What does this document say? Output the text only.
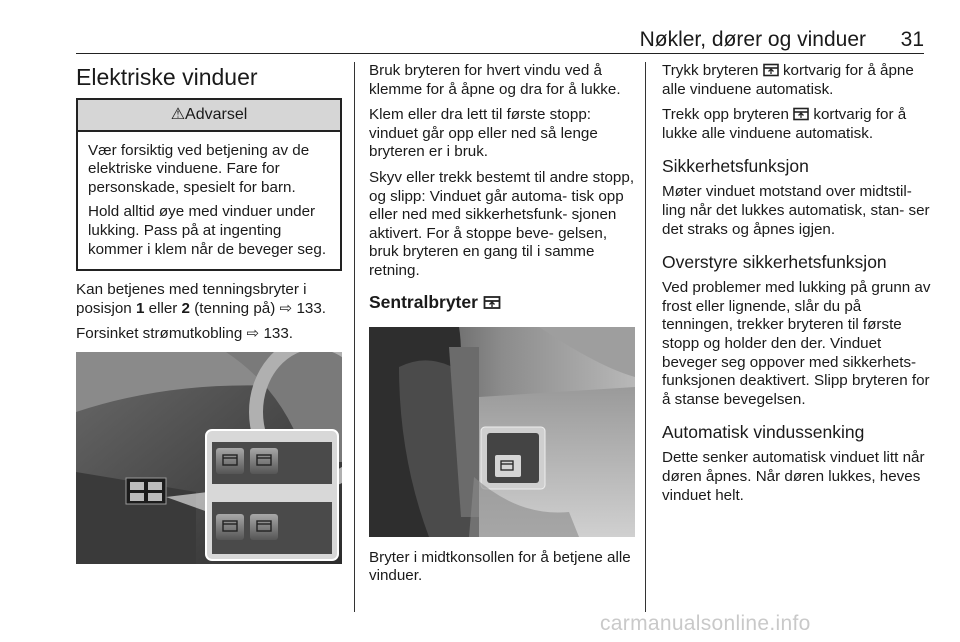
Nøkler, dører og vinduer 31
Elektriske vinduer
⚠Advarsel

Vær forsiktig ved betjening av de elektriske vinduene. Fare for personskade, spesielt for barn.

Hold alltid øye med vinduer under lukking. Pass på at ingenting kommer i klem når de beveger seg.

Kan betjenes med tenningsbryter i posisjon 1 eller 2 (tenning på) ⇨ 133.

Forsinket strømutkobling ⇨ 133.

Bruk bryteren for hvert vindu ved å klemme for å åpne og dra for å lukke.

Klem eller dra lett til første stopp: vinduet går opp eller ned så lenge bryteren er i bruk.

Skyv eller trekk bestemt til andre stopp, og slipp: Vinduet går automa- tisk opp eller ned med sikkerhetsfunk- sjonen aktivert. For å stoppe beve- gelsen, bruk bryteren en gang til i samme retning.

Sentralbryter

Bryter i midtkonsollen for å betjene alle vinduer.

Trykk bryteren  kortvarig for å åpne alle vinduene automatisk.

Trekk opp bryteren  kortvarig for å lukke alle vinduene automatisk.

Sikkerhetsfunksjon

Møter vinduet motstand over midtstil- ling når det lukkes automatisk, stan- ser det straks og åpnes igjen.

Overstyre sikkerhetsfunksjon

Ved problemer med lukking på grunn av frost eller lignende, slår du på tenningen, trekker bryteren til første stopp og holder den der. Vinduet beveger seg oppover med sikkerhets- funksjonen deaktivert. Slipp bryteren for å stanse bevegelsen.

Automatisk vindussenking

Dette senker automatisk vinduet litt når døren åpnes. Når døren lukkes, heves vinduet helt.

carmanualsonline.info
